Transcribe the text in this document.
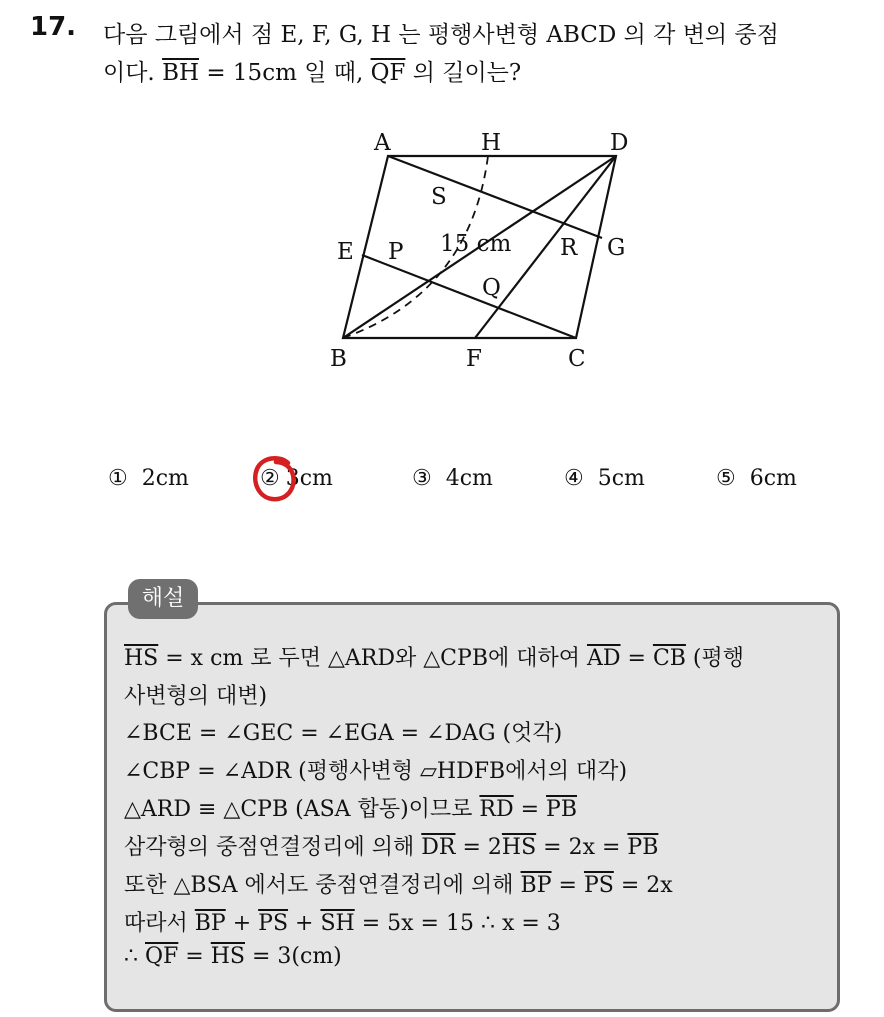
17. 다음 그림에서 점 E, F, G, H 는 평행사변형 ABCD 의 각 변의 중점
이다. $\overline{BH} = 15cm$ 일 때, $\overline{QF}$ 의 길이는?
A	H	D
S
E P 15 cm R G
Q
B	F	C
① 2cm	② 3cm	③ 4cm	④ 5cm	⑤ 6cm
해설
$\overline{HS} = x$ cm 로 두면 △ARD와 △CPB에 대하여 $\overline{AD} = \overline{CB}$ (평행
사변형의 대변)
∠BCE = ∠GEC = ∠EGA = ∠DAG (엇각)
∠CBP = ∠ADR (평행사변형 ▱HDFB에서의 대각)
△ARD ≡ △CPB (ASA 합동)이므로 $\overline{RD} = \overline{PB}$
삼각형의 중점연결정리에 의해 $\overline{DR} = 2\overline{HS} = 2x = \overline{PB}$
또한 △BSA 에서도 중점연결정리에 의해 $\overline{BP} = \overline{PS} = 2x$
따라서 $\overline{BP} + \overline{PS} + \overline{SH} = 5x = 15$ ∴ x = 3
∴ $\overline{QF} = \overline{HS} = 3(cm)$
